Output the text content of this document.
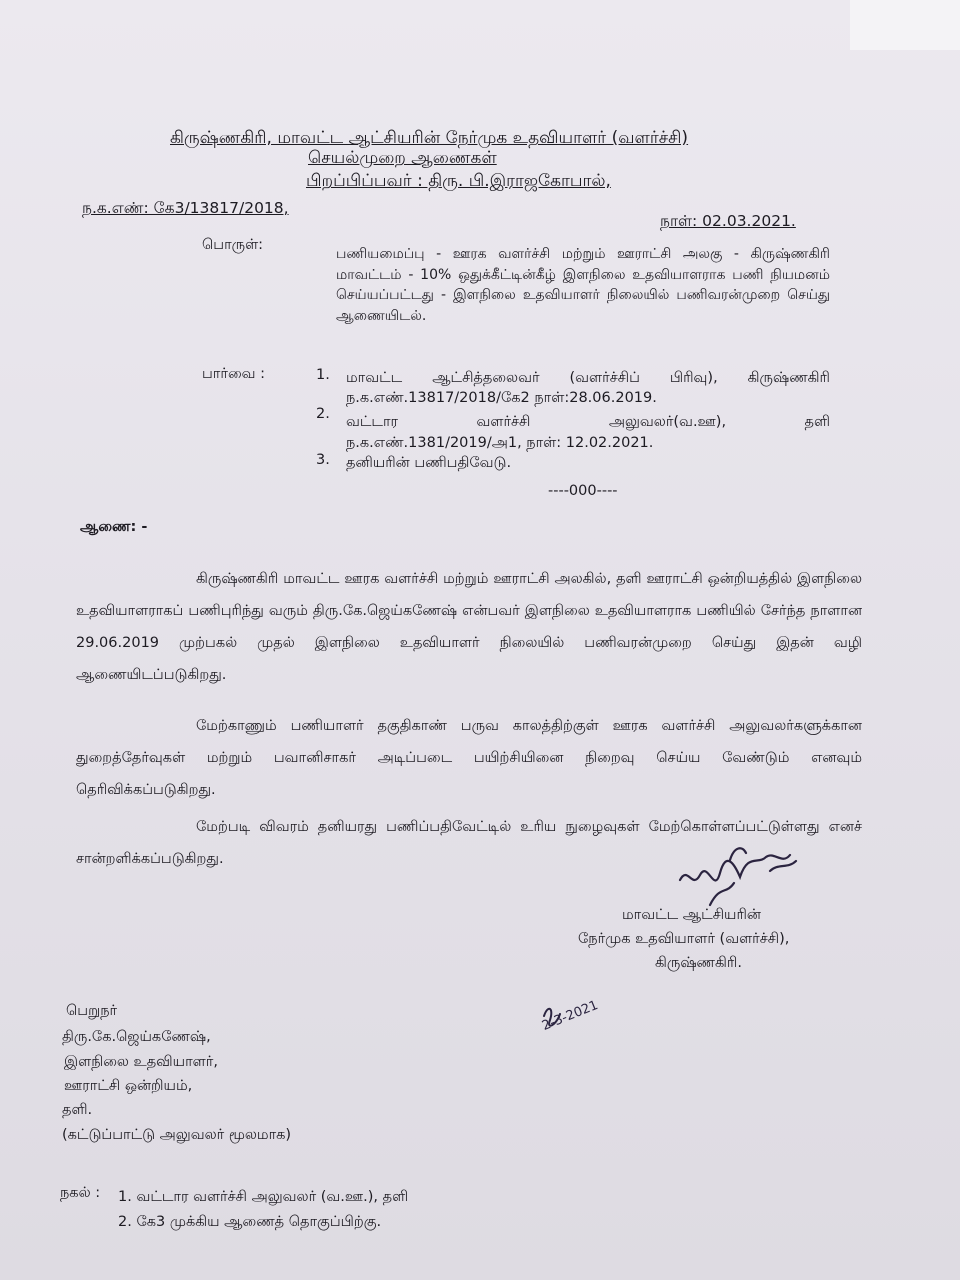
கிருஷ்ணகிரி, மாவட்ட ஆட்சியரின் நேர்முக உதவியாளர் (வளர்ச்சி)
செயல்முறை ஆணைகள்
பிறப்பிப்பவர் : திரு. பி.இராஜகோபால்,
ந.க.எண்: கே3/13817/2018,
நாள்: 02.03.2021.
பொருள்:
பணியமைப்பு - ஊரக வளர்ச்சி மற்றும் ஊராட்சி அலகு - கிருஷ்ணகிரி மாவட்டம் - 10% ஒதுக்கீட்டின்கீழ் இளநிலை உதவியாளராக பணி நியமனம் செய்யப்பட்டது - இளநிலை உதவியாளர் நிலையில் பணிவரன்முறை செய்து ஆணையிடல்.
பார்வை :	1. மாவட்ட ஆட்சித்தலைவர் (வளர்ச்சிப் பிரிவு), கிருஷ்ணகிரி
ந.க.எண்.13817/2018/கே2 நாள்:28.06.2019.
2. வட்டார வளர்ச்சி அலுவலர்(வ.ஊ), தளி
ந.க.எண்.1381/2019/அ1, நாள்: 12.02.2021.
3. தனியரின் பணிபதிவேடு.
----000----
ஆணை: -
கிருஷ்ணகிரி மாவட்ட ஊரக வளர்ச்சி மற்றும் ஊராட்சி அலகில், தளி ஊராட்சி ஒன்றியத்தில் இளநிலை உதவியாளராகப் பணிபுரிந்து வரும் திரு.கே.ஜெய்கணேஷ் என்பவர் இளநிலை உதவியாளராக பணியில் சேர்ந்த நாளான 29.06.2019 முற்பகல் முதல் இளநிலை உதவியாளர் நிலையில் பணிவரன்முறை செய்து இதன் வழி ஆணையிடப்படுகிறது.
மேற்காணும் பணியாளர் தகுதிகாண் பருவ காலத்திற்குள் ஊரக வளர்ச்சி அலுவலர்களுக்கான துறைத்தேர்வுகள் மற்றும் பவானிசாகர் அடிப்படை பயிற்சியினை நிறைவு செய்ய வேண்டும் எனவும் தெரிவிக்கப்படுகிறது.
மேற்படி விவரம் தனியரது பணிப்பதிவேட்டில் உரிய நுழைவுகள் மேற்கொள்ளப்பட்டுள்ளது எனச் சான்றளிக்கப்படுகிறது.
மாவட்ட ஆட்சியரின்
நேர்முக உதவியாளர் (வளர்ச்சி),
கிருஷ்ணகிரி.
2-3-2021
பெறுநர்
திரு.கே.ஜெய்கணேஷ்,
இளநிலை உதவியாளர்,
ஊராட்சி ஒன்றியம்,
தளி.
(கட்டுப்பாட்டு அலுவலர் மூலமாக)
நகல் : 1. வட்டார வளர்ச்சி அலுவலர் (வ.ஊ.), தளி
2. கே3 முக்கிய ஆணைத் தொகுப்பிற்கு.
